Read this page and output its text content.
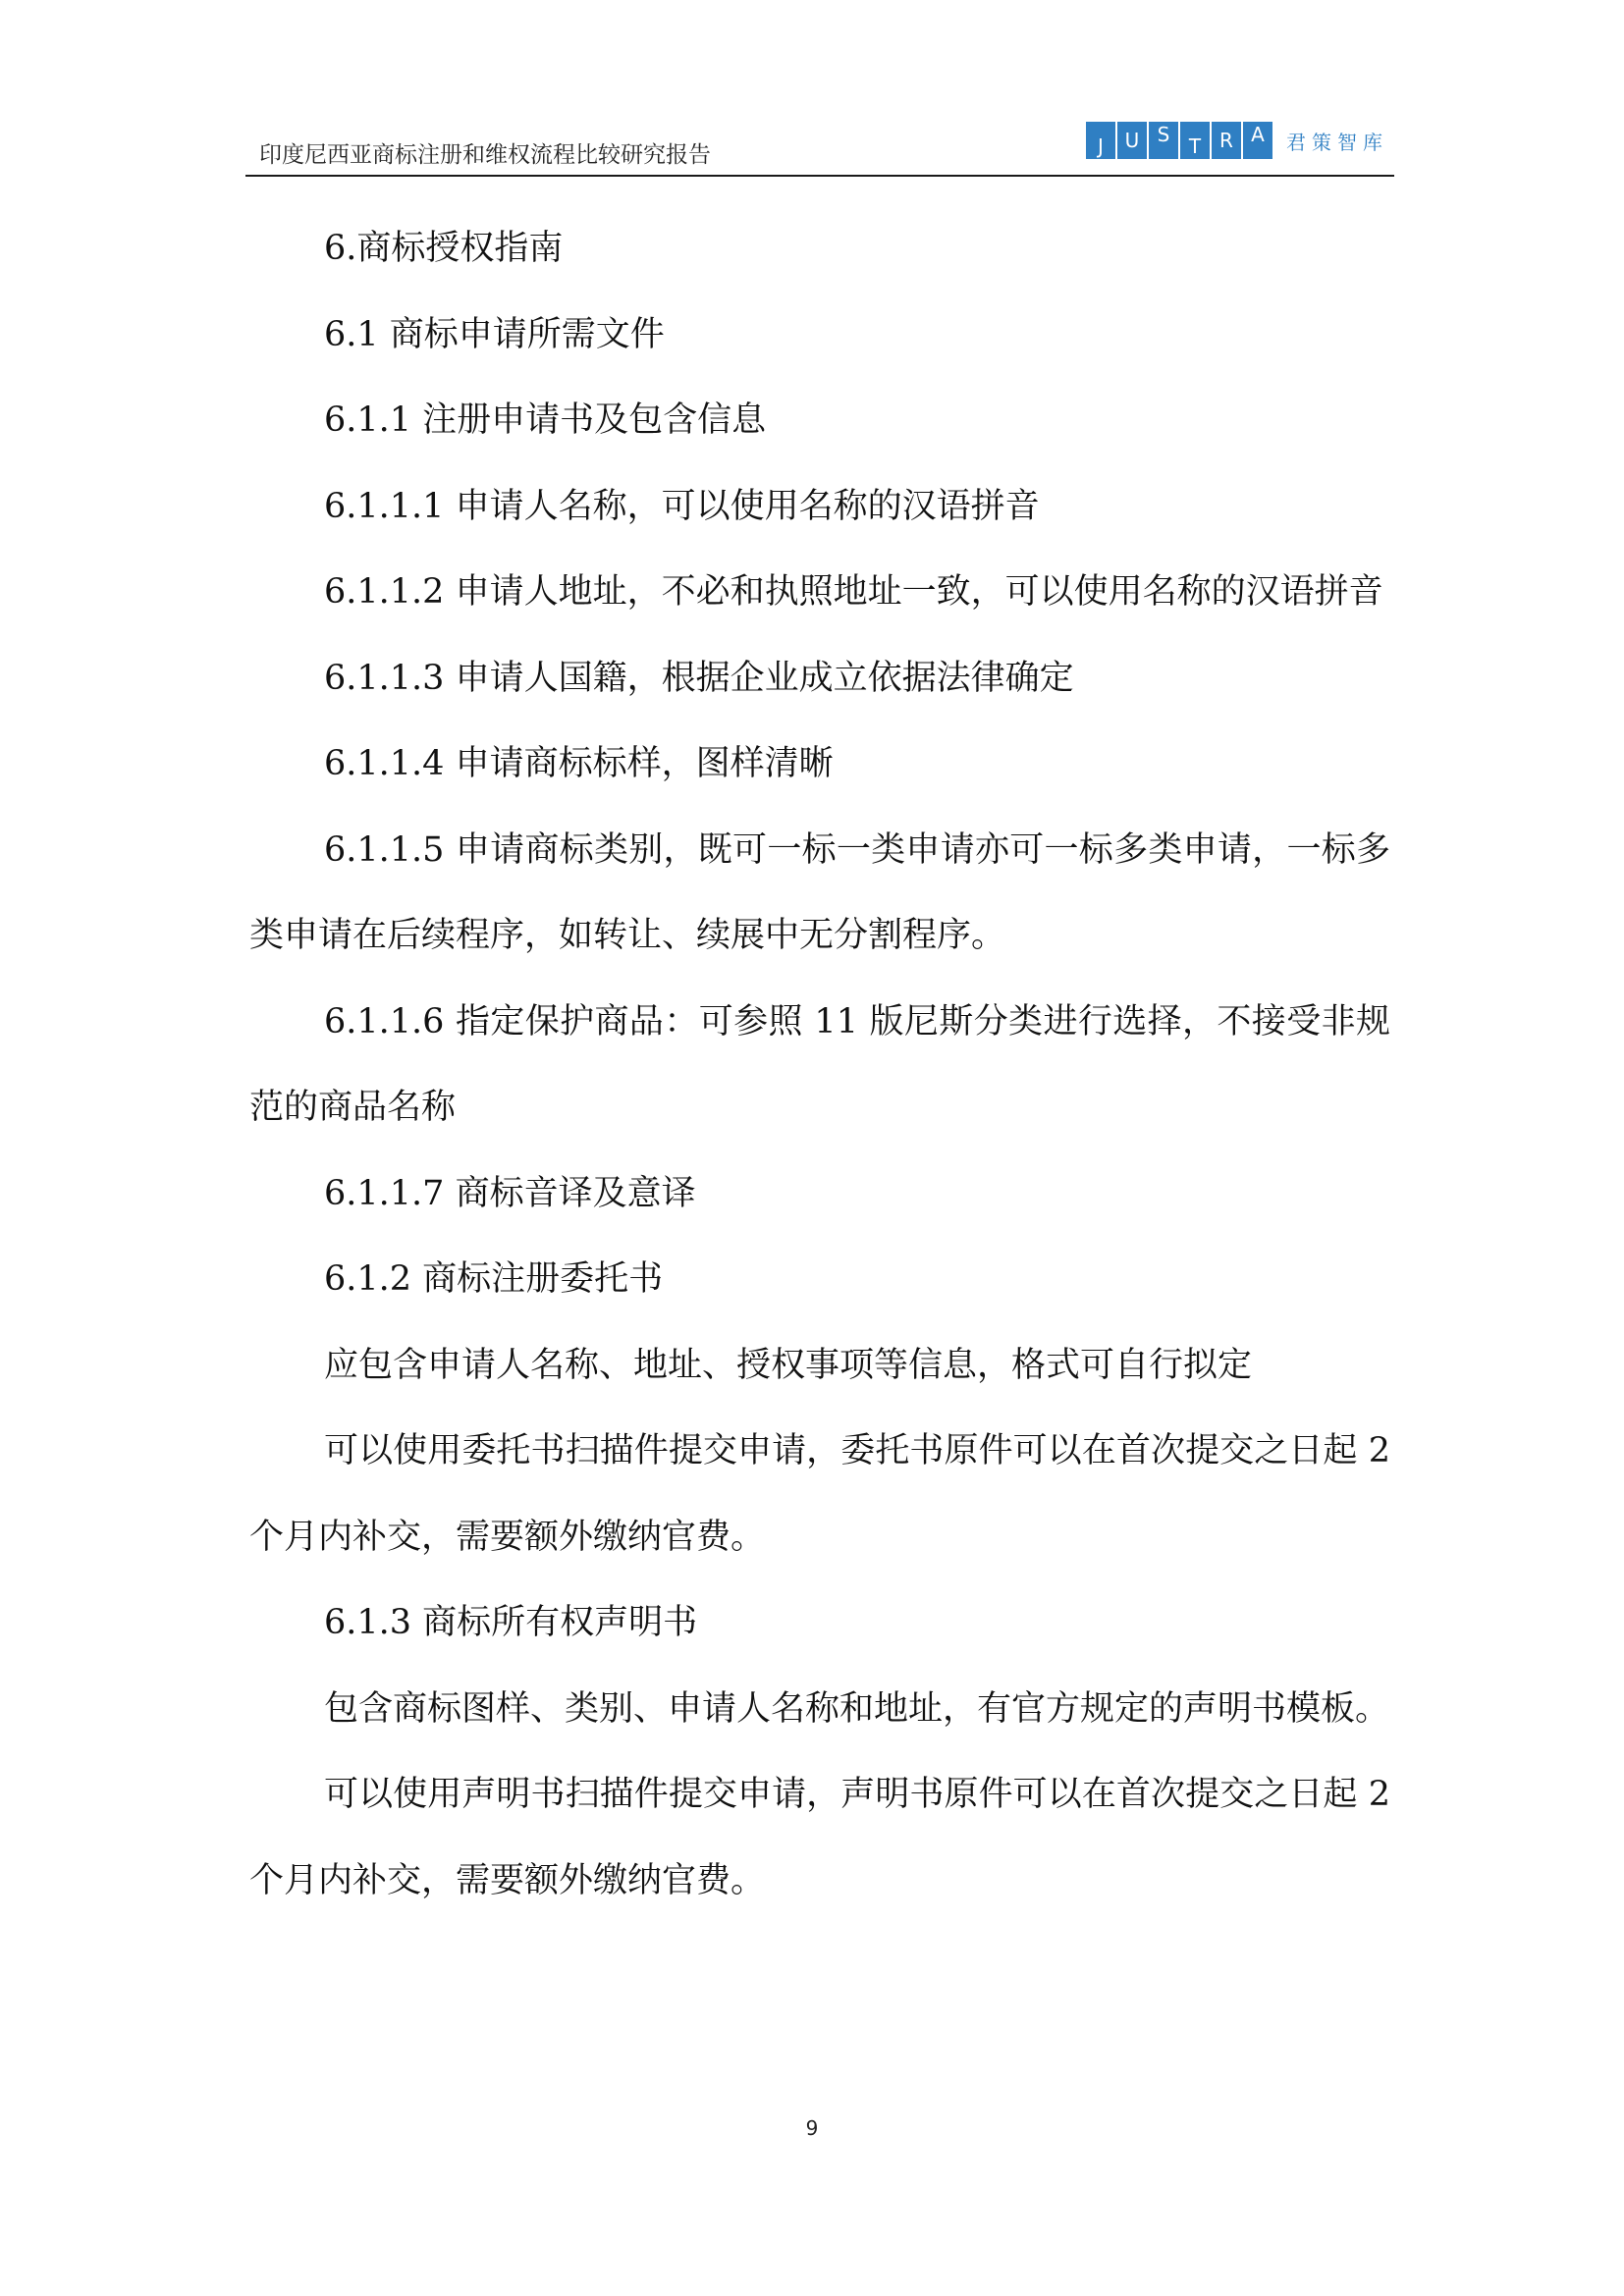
印度尼西亚商标注册和维权流程比较研究报告	J	U S T R A	君策智库

6.商标授权指南

6.1 商标申请所需文件

6.1.1 注册申请书及包含信息

6.1.1.1 申请人名称，可以使用名称的汉语拼音

6.1.1.2 申请人地址，不必和执照地址一致，可以使用名称的汉语拼音

6.1.1.3 申请人国籍，根据企业成立依据法律确定

6.1.1.4 申请商标标样，图样清晰

6.1.1.5 申请商标类别，既可一标一类申请亦可一标多类申请，一标多类申请在后续程序，如转让、续展中无分割程序。

6.1.1.6 指定保护商品：可参照 11 版尼斯分类进行选择，不接受非规范的商品名称

6.1.1.7 商标音译及意译

6.1.2 商标注册委托书

应包含申请人名称、地址、授权事项等信息，格式可自行拟定

可以使用委托书扫描件提交申请，委托书原件可以在首次提交之日起 2 个月内补交，需要额外缴纳官费。

6.1.3 商标所有权声明书

包含商标图样、类别、申请人名称和地址，有官方规定的声明书模板。

可以使用声明书扫描件提交申请，声明书原件可以在首次提交之日起 2 个月内补交，需要额外缴纳官费。

9
